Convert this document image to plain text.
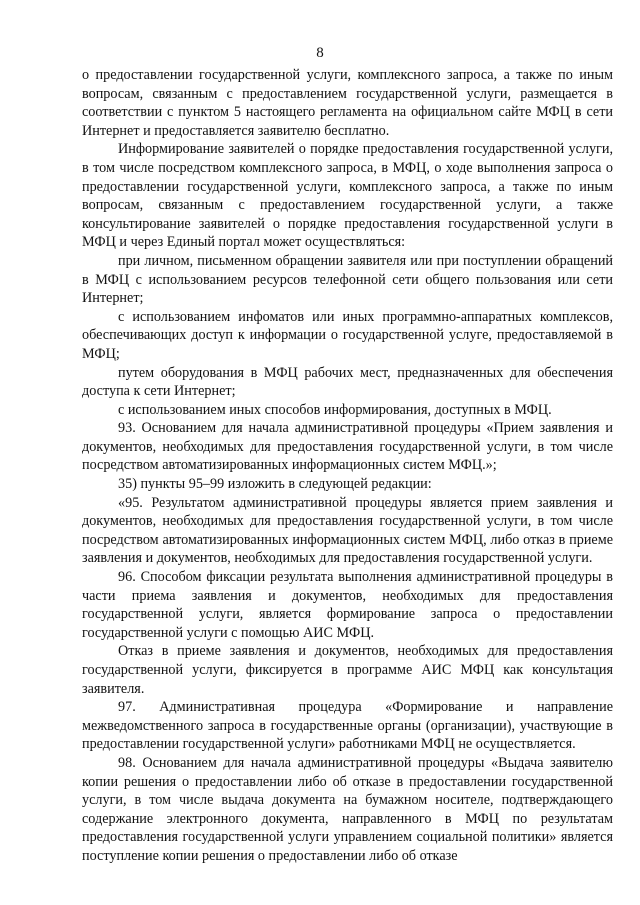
8

о предоставлении государственной услуги, комплексного запроса, а также по иным вопросам, связанным с предоставлением государственной услуги, размещается в соответствии с пунктом 5 настоящего регламента на официальном сайте МФЦ в сети Интернет и предоставляется заявителю бесплатно.

Информирование заявителей о порядке предоставления государственной услуги, в том числе посредством комплексного запроса, в МФЦ, о ходе выполнения запроса о предоставлении государственной услуги, комплексного запроса, а также по иным вопросам, связанным с предоставлением государственной услуги, а также консультирование заявителей о порядке предоставления государственной услуги в МФЦ и через Единый портал может осуществляться:

при личном, письменном обращении заявителя или при поступлении обращений в МФЦ с использованием ресурсов телефонной сети общего пользования или сети Интернет;

с использованием инфоматов или иных программно-аппаратных комплексов, обеспечивающих доступ к информации о государственной услуге, предоставляемой в МФЦ;

путем оборудования в МФЦ рабочих мест, предназначенных для обеспечения доступа к сети Интернет;

с использованием иных способов информирования, доступных в МФЦ.

93. Основанием для начала административной процедуры «Прием заявления и документов, необходимых для предоставления государственной услуги, в том числе посредством автоматизированных информационных систем МФЦ.»;

35) пункты 95–99 изложить в следующей редакции:

«95. Результатом административной процедуры является прием заявления и документов, необходимых для предоставления государственной услуги, в том числе посредством автоматизированных информационных систем МФЦ, либо отказ в приеме заявления и документов, необходимых для предоставления государственной услуги.

96. Способом фиксации результата выполнения административной процедуры в части приема заявления и документов, необходимых для предоставления государственной услуги, является формирование запроса о предоставлении государственной услуги с помощью АИС МФЦ.

Отказ в приеме заявления и документов, необходимых для предоставления государственной услуги, фиксируется в программе АИС МФЦ как консультация заявителя.

97. Административная процедура «Формирование и направление межведомственного запроса в государственные органы (организации), участвующие в предоставлении государственной услуги» работниками МФЦ не осуществляется.

98. Основанием для начала административной процедуры «Выдача заявителю копии решения о предоставлении либо об отказе в предоставлении государственной услуги, в том числе выдача документа на бумажном носителе, подтверждающего содержание электронного документа, направленного в МФЦ по результатам предоставления государственной услуги управлением социальной политики» является поступление копии решения о предоставлении либо об отказе
